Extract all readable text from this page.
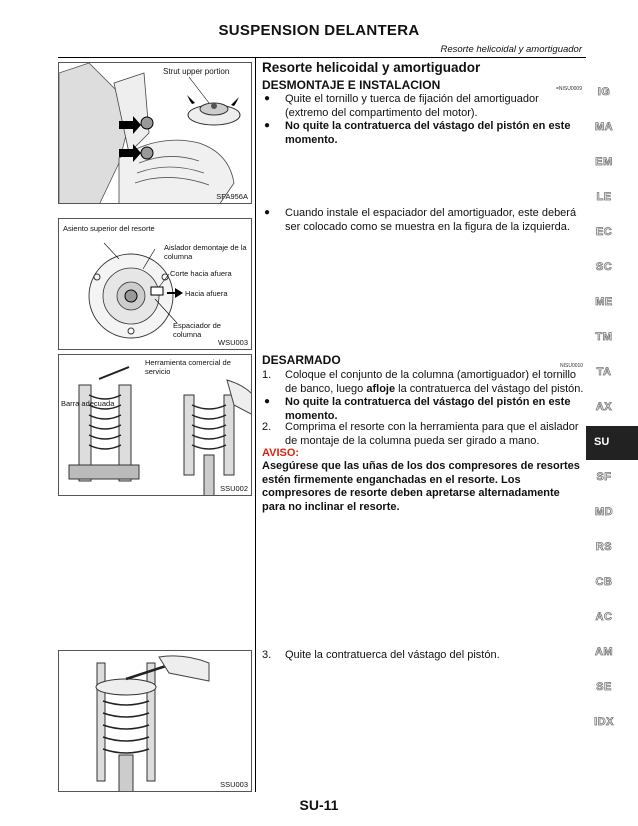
SUSPENSION DELANTERA
Resorte helicoidal y amortiguador
Strut upper portion
SFA956A
Asiento superior del resorte
Aislador demontaje de la columna
Corte hacia afuera
Hacia afuera
Espaciador de columna
WSU003
Herramienta comercial de servicio
Barra adecuada
SSU002
SSU003
Resorte helicoidal y amortiguador
DESMONTAJE E INSTALACION	=NISU0009
● Quite el tornillo y tuerca de fijación del amortiguador (extremo del compartimento del motor).
● No quite la contratuerca del vástago del pistón en este momento.
● Cuando instale el espaciador del amortiguador, este deberá ser colocado como se muestra en la figura de la izquierda.
DESARMADO	NISU0010
1. Coloque el conjunto de la columna (amortiguador) el tornillo de banco, luego afloje la contratuerca del vástago del pistón.
● No quite la contratuerca del vástago del pistón en este momento.
2. Comprima el resorte con la herramienta para que el aislador de montaje de la columna pueda ser girado a mano.
AVISO:
Asegúrese que las uñas de los dos compresores de resortes estén firmemente enganchadas en el resorte. Los compresores de resorte deben apretarse alternadamente para no inclinar el resorte.
3. Quite la contratuerca del vástago del pistón.
IG
MA
EM
LE
EC
SC
ME
TM
TA
AX
SU
SF
MD
RS
CB
AC
AM
SE
IDX
SU-11
